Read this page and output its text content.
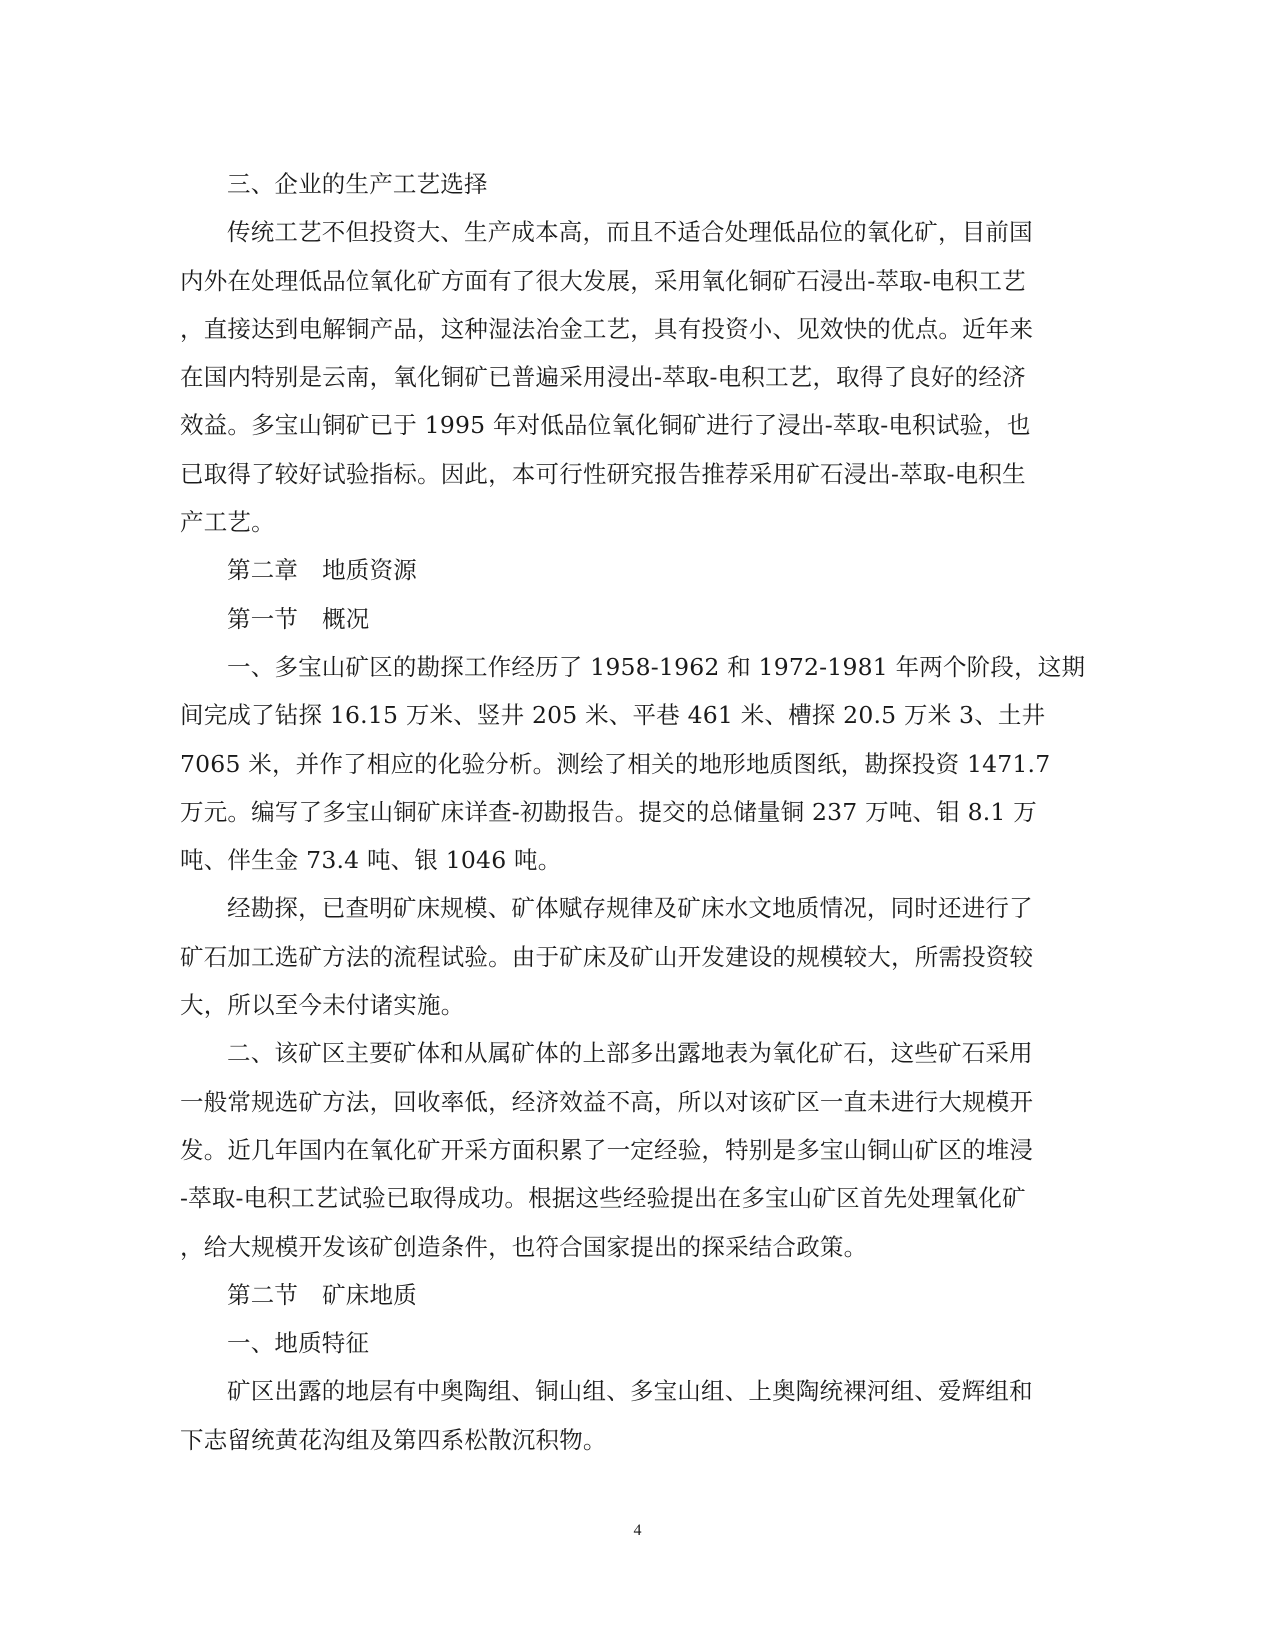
三、企业的生产工艺选择
传统工艺不但投资大、生产成本高，而且不适合处理低品位的氧化矿，目前国
内外在处理低品位氧化矿方面有了很大发展，采用氧化铜矿石浸出-萃取-电积工艺
，直接达到电解铜产品，这种湿法冶金工艺，具有投资小、见效快的优点。近年来
在国内特别是云南，氧化铜矿已普遍采用浸出-萃取-电积工艺，取得了良好的经济
效益。多宝山铜矿已于 1995 年对低品位氧化铜矿进行了浸出-萃取-电积试验，也
已取得了较好试验指标。因此，本可行性研究报告推荐采用矿石浸出-萃取-电积生
产工艺。
第二章 地质资源
第一节 概况
一、多宝山矿区的勘探工作经历了 1958-1962 和 1972-1981 年两个阶段，这期
间完成了钻探 16.15 万米、竖井 205 米、平巷 461 米、槽探 20.5 万米 3、土井
7065 米，并作了相应的化验分析。测绘了相关的地形地质图纸，勘探投资 1471.7
万元。编写了多宝山铜矿床详查-初勘报告。提交的总储量铜 237 万吨、钼 8.1 万
吨、伴生金 73.4 吨、银 1046 吨。
经勘探，已查明矿床规模、矿体赋存规律及矿床水文地质情况，同时还进行了
矿石加工选矿方法的流程试验。由于矿床及矿山开发建设的规模较大，所需投资较
大，所以至今未付诸实施。
二、该矿区主要矿体和从属矿体的上部多出露地表为氧化矿石，这些矿石采用
一般常规选矿方法，回收率低，经济效益不高，所以对该矿区一直未进行大规模开
发。近几年国内在氧化矿开采方面积累了一定经验，特别是多宝山铜山矿区的堆浸
-萃取-电积工艺试验已取得成功。根据这些经验提出在多宝山矿区首先处理氧化矿
，给大规模开发该矿创造条件，也符合国家提出的探采结合政策。
第二节 矿床地质
一、地质特征
矿区出露的地层有中奥陶组、铜山组、多宝山组、上奥陶统裸河组、爱辉组和
下志留统黄花沟组及第四系松散沉积物。
4
